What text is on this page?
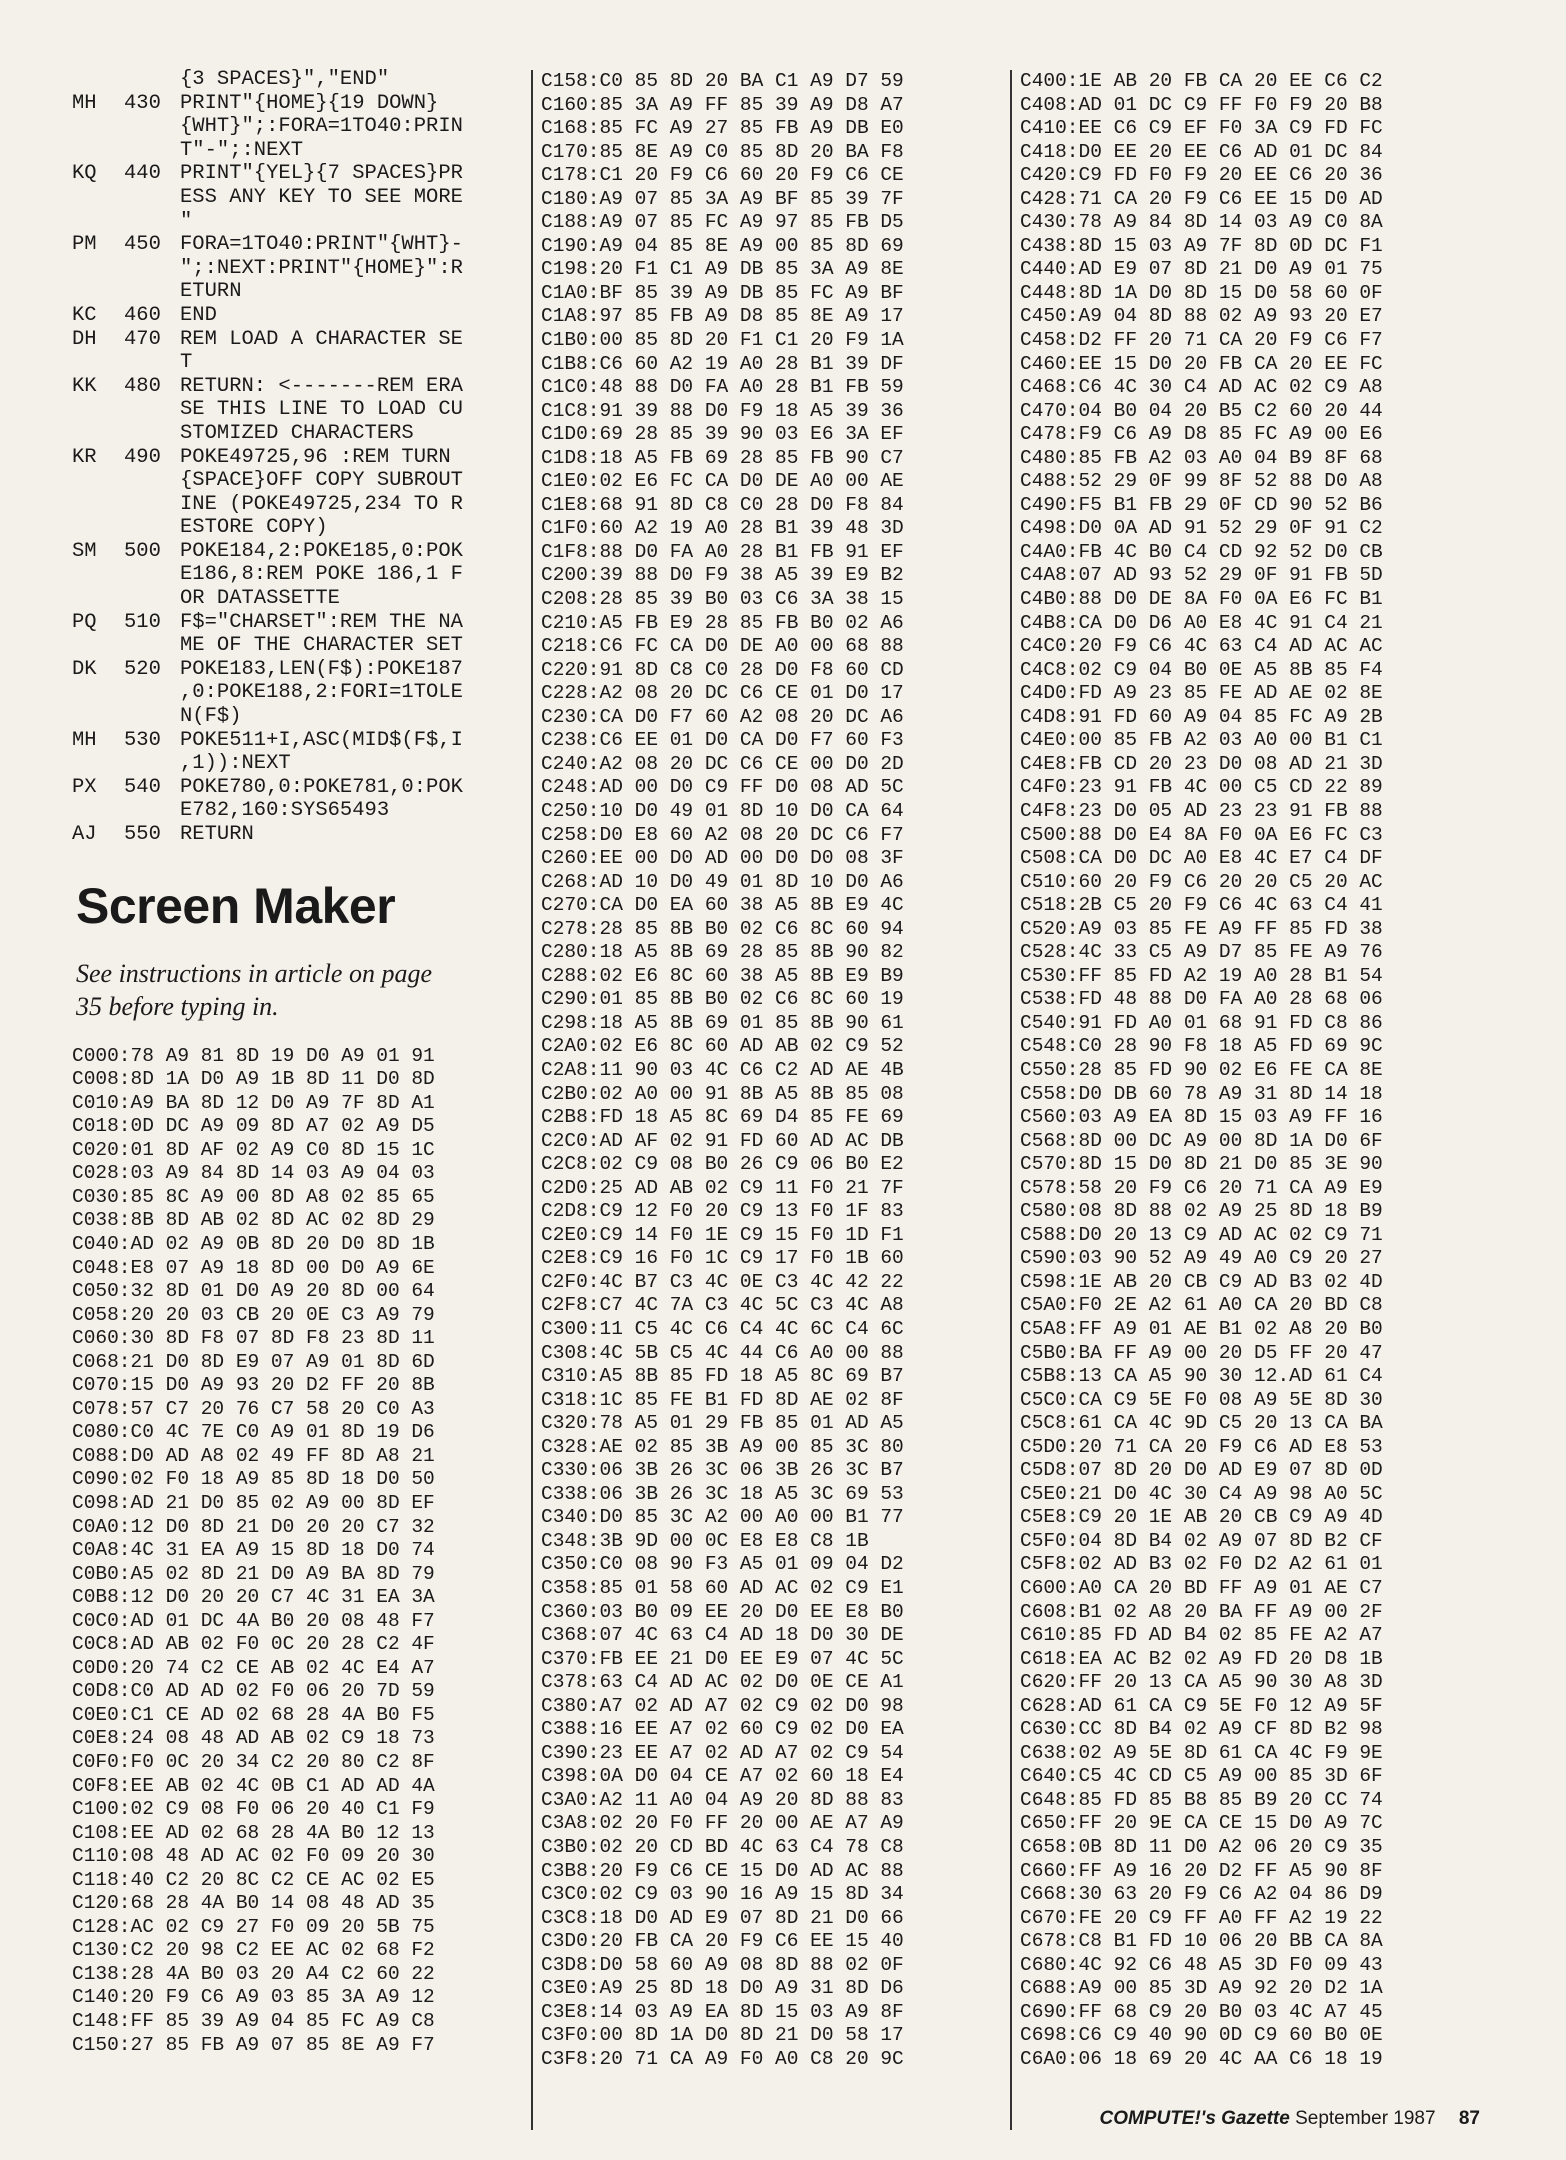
{3 SPACES}","END"
MH	430 PRINT"{HOME}{19 DOWN}
{WHT}";:FORA=1TO40:PRIN
T"-";:NEXT
KQ	440 PRINT"{YEL}{7 SPACES}PR
ESS ANY KEY TO SEE MORE
"
PM	450 FORA=1TO40:PRINT"{WHT}-
";:NEXT:PRINT"{HOME}":R
ETURN
KC	460 END
DH	470 REM LOAD A CHARACTER SE
T
KK	480 RETURN: <-------REM ERA
SE THIS LINE TO LOAD CU
STOMIZED CHARACTERS
KR	490 POKE49725,96 :REM TURN
{SPACE}OFF COPY SUBROUT
INE (POKE49725,234 TO R
ESTORE COPY)
SM	500 POKE184,2:POKE185,0:POK
E186,8:REM POKE 186,1 F
OR DATASSETTE
PQ	510 F$="CHARSET":REM THE NA
ME OF THE CHARACTER SET
DK	520 POKE183,LEN(F$):POKE187
,0:POKE188,2:FORI=1TOLE
N(F$)
MH	530 POKE511+I,ASC(MID$(F$,I
,1)):NEXT
PX	540 POKE780,0:POKE781,0:POK
E782,160:SYS65493
AJ	550 RETURN
Screen Maker
See instructions in article on page
35 before typing in.
C000:78 A9 81 8D 19 D0 A9 01 91
C008:8D 1A D0 A9 1B 8D 11 D0 8D
C010:A9 BA 8D 12 D0 A9 7F 8D A1
C018:0D DC A9 09 8D A7 02 A9 D5
C020:01 8D AF 02 A9 C0 8D 15 1C
C028:03 A9 84 8D 14 03 A9 04 03
C030:85 8C A9 00 8D A8 02 85 65
C038:8B 8D AB 02 8D AC 02 8D 29
C040:AD 02 A9 0B 8D 20 D0 8D 1B
C048:E8 07 A9 18 8D 00 D0 A9 6E
C050:32 8D 01 D0 A9 20 8D 00 64
C058:20 20 03 CB 20 0E C3 A9 79
C060:30 8D F8 07 8D F8 23 8D 11
C068:21 D0 8D E9 07 A9 01 8D 6D
C070:15 D0 A9 93 20 D2 FF 20 8B
C078:57 C7 20 76 C7 58 20 C0 A3
C080:C0 4C 7E C0 A9 01 8D 19 D6
C088:D0 AD A8 02 49 FF 8D A8 21
C090:02 F0 18 A9 85 8D 18 D0 50
C098:AD 21 D0 85 02 A9 00 8D EF
C0A0:12 D0 8D 21 D0 20 20 C7 32
C0A8:4C 31 EA A9 15 8D 18 D0 74
C0B0:A5 02 8D 21 D0 A9 BA 8D 79
C0B8:12 D0 20 20 C7 4C 31 EA 3A
C0C0:AD 01 DC 4A B0 20 08 48 F7
C0C8:AD AB 02 F0 0C 20 28 C2 4F
C0D0:20 74 C2 CE AB 02 4C E4 A7
C0D8:C0 AD AD 02 F0 06 20 7D 59
C0E0:C1 CE AD 02 68 28 4A B0 F5
C0E8:24 08 48 AD AB 02 C9 18 73
C0F0:F0 0C 20 34 C2 20 80 C2 8F
C0F8:EE AB 02 4C 0B C1 AD AD 4A
C100:02 C9 08 F0 06 20 40 C1 F9
C108:EE AD 02 68 28 4A B0 12 13
C110:08 48 AD AC 02 F0 09 20 30
C118:40 C2 20 8C C2 CE AC 02 E5
C120:68 28 4A B0 14 08 48 AD 35
C128:AC 02 C9 27 F0 09 20 5B 75
C130:C2 20 98 C2 EE AC 02 68 F2
C138:28 4A B0 03 20 A4 C2 60 22
C140:20 F9 C6 A9 03 85 3A A9 12
C148:FF 85 39 A9 04 85 FC A9 C8
C150:27 85 FB A9 07 85 8E A9 F7
C158:C0 85 8D 20 BA C1 A9 D7 59
C160:85 3A A9 FF 85 39 A9 D8 A7
C168:85 FC A9 27 85 FB A9 DB E0
C170:85 8E A9 C0 85 8D 20 BA F8
C178:C1 20 F9 C6 60 20 F9 C6 CE
C180:A9 07 85 3A A9 BF 85 39 7F
C188:A9 07 85 FC A9 97 85 FB D5
C190:A9 04 85 8E A9 00 85 8D 69
C198:20 F1 C1 A9 DB 85 3A A9 8E
C1A0:BF 85 39 A9 DB 85 FC A9 BF
C1A8:97 85 FB A9 D8 85 8E A9 17
C1B0:00 85 8D 20 F1 C1 20 F9 1A
C1B8:C6 60 A2 19 A0 28 B1 39 DF
C1C0:48 88 D0 FA A0 28 B1 FB 59
C1C8:91 39 88 D0 F9 18 A5 39 36
C1D0:69 28 85 39 90 03 E6 3A EF
C1D8:18 A5 FB 69 28 85 FB 90 C7
C1E0:02 E6 FC CA D0 DE A0 00 AE
C1E8:68 91 8D C8 C0 28 D0 F8 84
C1F0:60 A2 19 A0 28 B1 39 48 3D
C1F8:88 D0 FA A0 28 B1 FB 91 EF
C200:39 88 D0 F9 38 A5 39 E9 B2
C208:28 85 39 B0 03 C6 3A 38 15
C210:A5 FB E9 28 85 FB B0 02 A6
C218:C6 FC CA D0 DE A0 00 68 88
C220:91 8D C8 C0 28 D0 F8 60 CD
C228:A2 08 20 DC C6 CE 01 D0 17
C230:CA D0 F7 60 A2 08 20 DC A6
C238:C6 EE 01 D0 CA D0 F7 60 F3
C240:A2 08 20 DC C6 CE 00 D0 2D
C248:AD 00 D0 C9 FF D0 08 AD 5C
C250:10 D0 49 01 8D 10 D0 CA 64
C258:D0 E8 60 A2 08 20 DC C6 F7
C260:EE 00 D0 AD 00 D0 D0 08 3F
C268:AD 10 D0 49 01 8D 10 D0 A6
C270:CA D0 EA 60 38 A5 8B E9 4C
C278:28 85 8B B0 02 C6 8C 60 94
C280:18 A5 8B 69 28 85 8B 90 82
C288:02 E6 8C 60 38 A5 8B E9 B9
C290:01 85 8B B0 02 C6 8C 60 19
C298:18 A5 8B 69 01 85 8B 90 61
C2A0:02 E6 8C 60 AD AB 02 C9 52
C2A8:11 90 03 4C C6 C2 AD AE 4B
C2B0:02 A0 00 91 8B A5 8B 85 08
C2B8:FD 18 A5 8C 69 D4 85 FE 69
C2C0:AD AF 02 91 FD 60 AD AC DB
C2C8:02 C9 08 B0 26 C9 06 B0 E2
C2D0:25 AD AB 02 C9 11 F0 21 7F
C2D8:C9 12 F0 20 C9 13 F0 1F 83
C2E0:C9 14 F0 1E C9 15 F0 1D F1
C2E8:C9 16 F0 1C C9 17 F0 1B 60
C2F0:4C B7 C3 4C 0E C3 4C 42 22
C2F8:C7 4C 7A C3 4C 5C C3 4C A8
C300:11 C5 4C C6 C4 4C 6C C4 6C
C308:4C 5B C5 4C 44 C6 A0 00 88
C310:A5 8B 85 FD 18 A5 8C 69 B7
C318:1C 85 FE B1 FD 8D AE 02 8F
C320:78 A5 01 29 FB 85 01 AD A5
C328:AE 02 85 3B A9 00 85 3C 80
C330:06 3B 26 3C 06 3B 26 3C B7
C338:06 3B 26 3C 18 A5 3C 69 53
C340:D0 85 3C A2 00 A0 00 B1 77
C348:3B 9D 00 0C E8 E8 C8 1B
C350:C0 08 90 F3 A5 01 09 04 D2
C358:85 01 58 60 AD AC 02 C9 E1
C360:03 B0 09 EE 20 D0 EE E8 B0
C368:07 4C 63 C4 AD 18 D0 30 DE
C370:FB EE 21 D0 EE E9 07 4C 5C
C378:63 C4 AD AC 02 D0 0E CE A1
C380:A7 02 AD A7 02 C9 02 D0 98
C388:16 EE A7 02 60 C9 02 D0 EA
C390:23 EE A7 02 AD A7 02 C9 54
C398:0A D0 04 CE A7 02 60 18 E4
C3A0:A2 11 A0 04 A9 20 8D 88 83
C3A8:02 20 F0 FF 20 00 AE A7 A9
C3B0:02 20 CD BD 4C 63 C4 78 C8
C3B8:20 F9 C6 CE 15 D0 AD AC 88
C3C0:02 C9 03 90 16 A9 15 8D 34
C3C8:18 D0 AD E9 07 8D 21 D0 66
C3D0:20 FB CA 20 F9 C6 EE 15 40
C3D8:D0 58 60 A9 08 8D 88 02 0F
C3E0:A9 25 8D 18 D0 A9 31 8D D6
C3E8:14 03 A9 EA 8D 15 03 A9 8F
C3F0:00 8D 1A D0 8D 21 D0 58 17
C3F8:20 71 CA A9 F0 A0 C8 20 9C
C400:1E AB 20 FB CA 20 EE C6 C2
C408:AD 01 DC C9 FF F0 F9 20 B8
C410:EE C6 C9 EF F0 3A C9 FD FC
C418:D0 EE 20 EE C6 AD 01 DC 84
C420:C9 FD F0 F9 20 EE C6 20 36
C428:71 CA 20 F9 C6 EE 15 D0 AD
C430:78 A9 84 8D 14 03 A9 C0 8A
C438:8D 15 03 A9 7F 8D 0D DC F1
C440:AD E9 07 8D 21 D0 A9 01 75
C448:8D 1A D0 8D 15 D0 58 60 0F
C450:A9 04 8D 88 02 A9 93 20 E7
C458:D2 FF 20 71 CA 20 F9 C6 F7
C460:EE 15 D0 20 FB CA 20 EE FC
C468:C6 4C 30 C4 AD AC 02 C9 A8
C470:04 B0 04 20 B5 C2 60 20 44
C478:F9 C6 A9 D8 85 FC A9 00 E6
C480:85 FB A2 03 A0 04 B9 8F 68
C488:52 29 0F 99 8F 52 88 D0 A8
C490:F5 B1 FB 29 0F CD 90 52 B6
C498:D0 0A AD 91 52 29 0F 91 C2
C4A0:FB 4C B0 C4 CD 92 52 D0 CB
C4A8:07 AD 93 52 29 0F 91 FB 5D
C4B0:88 D0 DE 8A F0 0A E6 FC B1
C4B8:CA D0 D6 A0 E8 4C 91 C4 21
C4C0:20 F9 C6 4C 63 C4 AD AC AC
C4C8:02 C9 04 B0 0E A5 8B 85 F4
C4D0:FD A9 23 85 FE AD AE 02 8E
C4D8:91 FD 60 A9 04 85 FC A9 2B
C4E0:00 85 FB A2 03 A0 00 B1 C1
C4E8:FB CD 20 23 D0 08 AD 21 3D
C4F0:23 91 FB 4C 00 C5 CD 22 89
C4F8:23 D0 05 AD 23 23 91 FB 88
C500:88 D0 E4 8A F0 0A E6 FC C3
C508:CA D0 DC A0 E8 4C E7 C4 DF
C510:60 20 F9 C6 20 20 C5 20 AC
C518:2B C5 20 F9 C6 4C 63 C4 41
C520:A9 03 85 FE A9 FF 85 FD 38
C528:4C 33 C5 A9 D7 85 FE A9 76
C530:FF 85 FD A2 19 A0 28 B1 54
C538:FD 48 88 D0 FA A0 28 68 06
C540:91 FD A0 01 68 91 FD C8 86
C548:C0 28 90 F8 18 A5 FD 69 9C
C550:28 85 FD 90 02 E6 FE CA 8E
C558:D0 DB 60 78 A9 31 8D 14 18
C560:03 A9 EA 8D 15 03 A9 FF 16
C568:8D 00 DC A9 00 8D 1A D0 6F
C570:8D 15 D0 8D 21 D0 85 3E 90
C578:58 20 F9 C6 20 71 CA A9 E9
C580:08 8D 88 02 A9 25 8D 18 B9
C588:D0 20 13 C9 AD AC 02 C9 71
C590:03 90 52 A9 49 A0 C9 20 27
C598:1E AB 20 CB C9 AD B3 02 4D
C5A0:F0 2E A2 61 A0 CA 20 BD C8
C5A8:FF A9 01 AE B1 02 A8 20 B0
C5B0:BA FF A9 00 20 D5 FF 20 47
C5B8:13 CA A5 90 30 12.AD 61 C4
C5C0:CA C9 5E F0 08 A9 5E 8D 30
C5C8:61 CA 4C 9D C5 20 13 CA BA
C5D0:20 71 CA 20 F9 C6 AD E8 53
C5D8:07 8D 20 D0 AD E9 07 8D 0D
C5E0:21 D0 4C 30 C4 A9 98 A0 5C
C5E8:C9 20 1E AB 20 CB C9 A9 4D
C5F0:04 8D B4 02 A9 07 8D B2 CF
C5F8:02 AD B3 02 F0 D2 A2 61 01
C600:A0 CA 20 BD FF A9 01 AE C7
C608:B1 02 A8 20 BA FF A9 00 2F
C610:85 FD AD B4 02 85 FE A2 A7
C618:EA AC B2 02 A9 FD 20 D8 1B
C620:FF 20 13 CA A5 90 30 A8 3D
C628:AD 61 CA C9 5E F0 12 A9 5F
C630:CC 8D B4 02 A9 CF 8D B2 98
C638:02 A9 5E 8D 61 CA 4C F9 9E
C640:C5 4C CD C5 A9 00 85 3D 6F
C648:85 FD 85 B8 85 B9 20 CC 74
C650:FF 20 9E CA CE 15 D0 A9 7C
C658:0B 8D 11 D0 A2 06 20 C9 35
C660:FF A9 16 20 D2 FF A5 90 8F
C668:30 63 20 F9 C6 A2 04 86 D9
C670:FE 20 C9 FF A0 FF A2 19 22
C678:C8 B1 FD 10 06 20 BB CA 8A
C680:4C 92 C6 48 A5 3D F0 09 43
C688:A9 00 85 3D A9 92 20 D2 1A
C690:FF 68 C9 20 B0 03 4C A7 45
C698:C6 C9 40 90 0D C9 60 B0 0E
C6A0:06 18 69 20 4C AA C6 18 19
COMPUTE!'s Gazette September 1987 87
